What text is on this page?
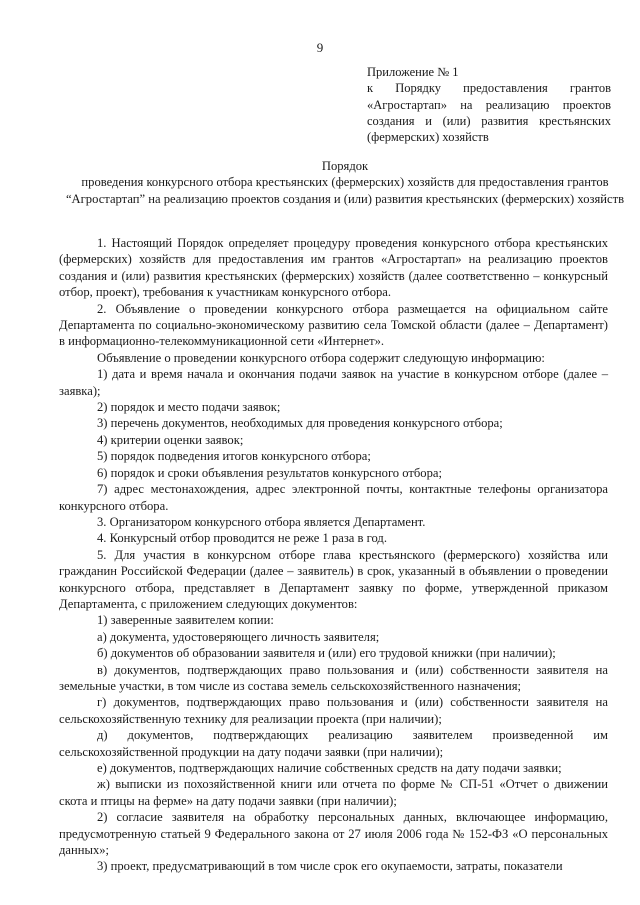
9
Приложение № 1
к Порядку предоставления грантов «Агростартап» на реализацию проектов создания и (или) развития крестьянских (фермерских) хозяйств
Порядок
проведения конкурсного отбора крестьянских (фермерских) хозяйств для предоставления грантов “Агростартап” на реализацию проектов создания и (или) развития крестьянских (фермерских) хозяйств

1. Настоящий Порядок определяет процедуру проведения конкурсного отбора крестьянских (фермерских) хозяйств для предоставления им грантов «Агростартап» на реализацию проектов создания и (или) развития крестьянских (фермерских) хозяйств (далее соответственно – конкурсный отбор, проект), требования к участникам конкурсного отбора.

2. Объявление о проведении конкурсного отбора размещается на официальном сайте Департамента по социально-экономическому развитию села Томской области (далее – Департамент) в информационно-телекоммуникационной сети «Интернет».

Объявление о проведении конкурсного отбора содержит следующую информацию:

1) дата и время начала и окончания подачи заявок на участие в конкурсном отборе (далее – заявка);

2) порядок и место подачи заявок;

3) перечень документов, необходимых для проведения конкурсного отбора;

4) критерии оценки заявок;

5) порядок подведения итогов конкурсного отбора;

6) порядок и сроки объявления результатов конкурсного отбора;

7) адрес местонахождения, адрес электронной почты, контактные телефоны организатора конкурсного отбора.

3. Организатором конкурсного отбора является Департамент.

4. Конкурсный отбор проводится не реже 1 раза в год.

5. Для участия в конкурсном отборе глава крестьянского (фермерского) хозяйства или гражданин Российской Федерации (далее – заявитель) в срок, указанный в объявлении о проведении конкурсного отбора, представляет в Департамент заявку по форме, утвержденной приказом Департамента, с приложением следующих документов:

1) заверенные заявителем копии:

а) документа, удостоверяющего личность заявителя;

б) документов об образовании заявителя и (или) его трудовой книжки (при наличии);

в) документов, подтверждающих право пользования и (или) собственности заявителя на земельные участки, в том числе из состава земель сельскохозяйственного назначения;

г) документов, подтверждающих право пользования и (или) собственности заявителя на сельскохозяйственную технику для реализации проекта (при наличии);

д) документов, подтверждающих реализацию заявителем произведенной им сельскохозяйственной продукции на дату подачи заявки (при наличии);

е) документов, подтверждающих наличие собственных средств на дату подачи заявки;

ж) выписки из похозяйственной книги или отчета по форме № СП-51 «Отчет о движении скота и птицы на ферме» на дату подачи заявки (при наличии);

2) согласие заявителя на обработку персональных данных, включающее информацию, предусмотренную статьей 9 Федерального закона от 27 июля 2006 года № 152-ФЗ «О персональных данных»;

3) проект, предусматривающий в том числе срок его окупаемости, затраты, показатели
